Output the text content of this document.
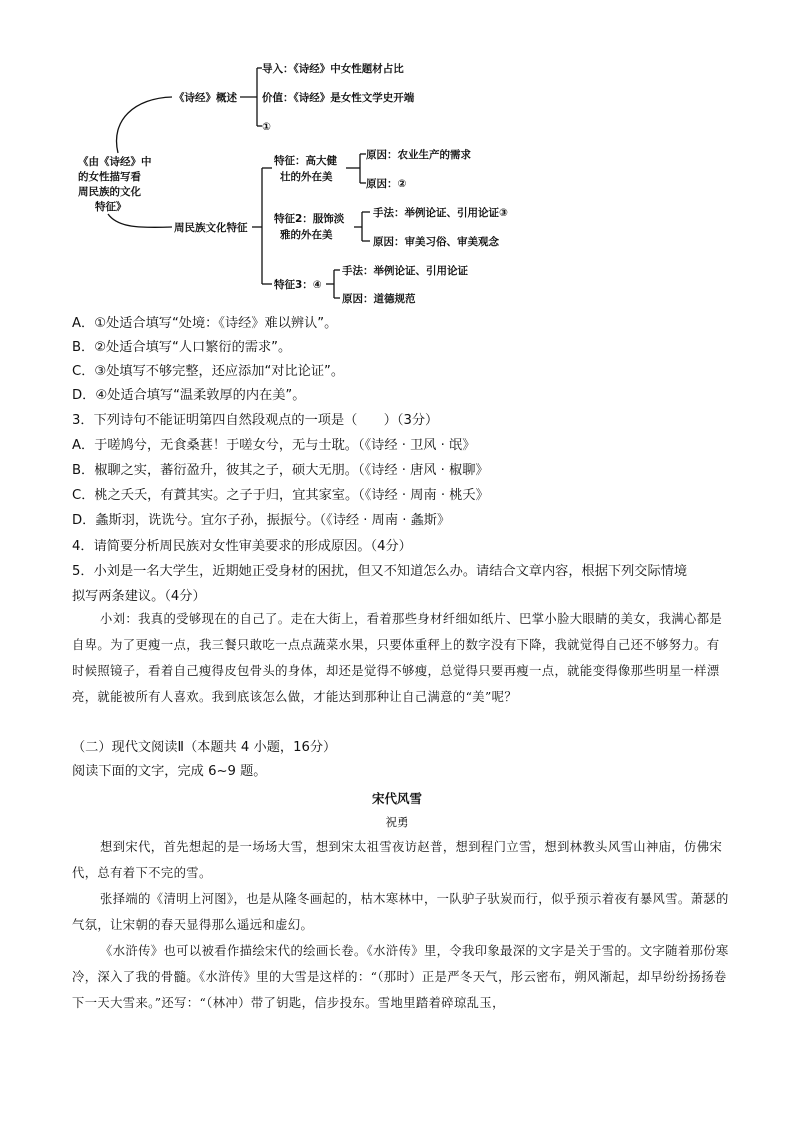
《由《诗经》中
的女性描写看
周民族的文化
特征》
《诗经》概述
导入：《诗经》中女性题材占比
价值：《诗经》是女性文学史开端
①
周民族文化特征
特征：高大健
壮的外在美
原因：农业生产的需求
原因：②
特征2：服饰淡
雅的外在美
手法：举例论证、引用论证③
原因：审美习俗、审美观念
特征3：④
手法：举例论证、引用论证
原因：道德规范
A．①处适合填写“处境：《诗经》难以辨认”。
B．②处适合填写“人口繁衍的需求”。
C．③处填写不够完整，还应添加“对比论证”。
D．④处适合填写“温柔敦厚的内在美”。
3．下列诗句不能证明第四自然段观点的一项是（　　）（3分）
A．于嗟鸠兮，无食桑葚！于嗟女兮，无与士耽。（《诗经 · 卫风 · 氓》
B．椒聊之实，蕃衍盈升，彼其之子，硕大无朋。（《诗经 · 唐风 · 椒聊》
C．桃之夭夭，有蕡其实。之子于归，宜其家室。（《诗经 · 周南 · 桃夭》
D．螽斯羽，诜诜兮。宜尔子孙，振振兮。（《诗经 · 周南 · 螽斯》
4．请简要分析周民族对女性审美要求的形成原因。（4分）
5．小刘是一名大学生，近期她正受身材的困扰，但又不知道怎么办。请结合文章内容，根据下列交际情境
拟写两条建议。（4分）

小刘：我真的受够现在的自己了。走在大街上，看着那些身材纤细如纸片、巴掌小脸大眼睛的美女，我满心都是自卑。为了更瘦一点，我三餐只敢吃一点点蔬菜水果，只要体重秤上的数字没有下降，我就觉得自己还不够努力。有时候照镜子，看着自己瘦得皮包骨头的身体，却还是觉得不够瘦，总觉得只要再瘦一点，就能变得像那些明星一样漂亮，就能被所有人喜欢。我到底该怎么做，才能达到那种让自己满意的“美”呢？

（二）现代文阅读Ⅱ（本题共 4 小题，16分）
阅读下面的文字，完成 6~9 题。
宋代风雪
祝勇

想到宋代，首先想起的是一场场大雪，想到宋太祖雪夜访赵普，想到程门立雪，想到林教头风雪山神庙，仿佛宋代，总有着下不完的雪。

张择端的《清明上河图》，也是从隆冬画起的，枯木寒林中，一队驴子驮炭而行，似乎预示着夜有暴风雪。萧瑟的气氛，让宋朝的春天显得那么遥远和虚幻。

《水浒传》也可以被看作描绘宋代的绘画长卷。《水浒传》里，令我印象最深的文字是关于雪的。文字随着那份寒冷，深入了我的骨髓。《水浒传》里的大雪是这样的：“（那时）正是严冬天气，彤云密布，朔风渐起，却早纷纷扬扬卷下一天大雪来。”还写：“（林冲）带了钥匙，信步投东。雪地里踏着碎琼乱玉，
